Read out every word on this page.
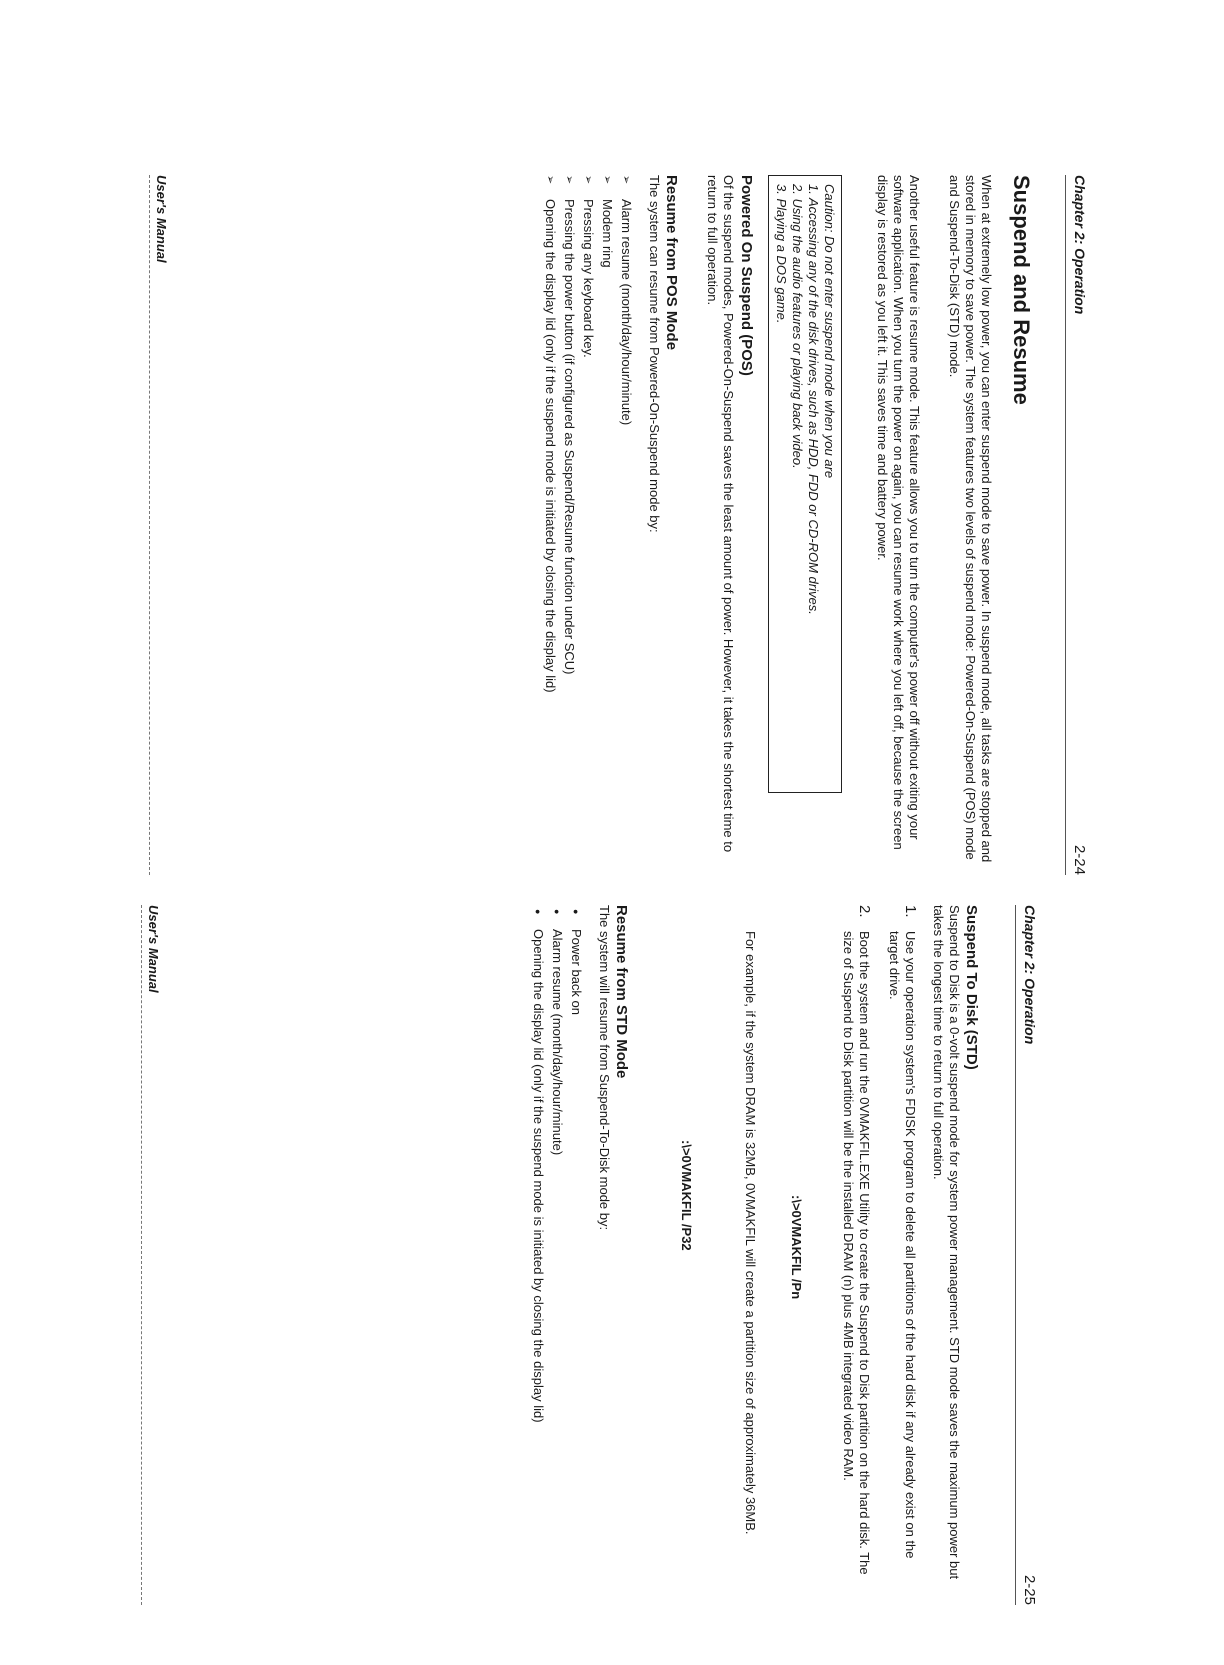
Chapter 2: Operation
2-24
Suspend and Resume
When at extremely low power, you can enter suspend mode to save power. In suspend mode, all tasks are stopped and stored in memory to save power. The system features two levels of suspend mode: Powered-On-Suspend (POS) mode and Suspend-To-Disk (STD) mode.
Another useful feature is resume mode. This feature allows you to turn the computer's power off without exiting your software application. When you turn the power on again, you can resume work where you left off, because the screen display is restored as you left it. This saves time and battery power.
Caution: Do not enter suspend mode when you are
1. Accessing any of the disk drives, such as HDD, FDD or CD-ROM drives.
2. Using the audio features or playing back video.
3. Playing a DOS game.
Powered On Suspend (POS)
Of the suspend modes, Powered-On-Suspend saves the least amount of power. However, it takes the shortest time to return to full operation.
Resume from POS Mode
The system can resume from Powered-On-Suspend mode by:
➢ Alarm resume (month/day/hour/minute)
➢ Modem ring
➢ Pressing any keyboard key.
➢ Pressing the power button (if configured as Suspend/Resume function under SCU)
➢ Opening the display lid (only if the suspend mode is initiated by closing the display lid)
User's Manual
Chapter 2: Operation
2-25
Suspend To Disk (STD)
Suspend to Disk is a 0-volt suspend mode for system power management. STD mode saves the maximum power but takes the longest time to return to full operation.
1.
Use your operation system's FDISK program to delete all partitions of the hard disk if any already exist on the target drive.
2.
Boot the system and run the 0VMAKFIL.EXE Utility to create the Suspend to Disk partition on the hard disk. The size of Suspend to Disk partition will be the installed DRAM (n) plus 4MB integrated video RAM.
:\>0VMAKFIL /Pn
For example, if the system DRAM is 32MB, 0VMAKFIL will create a partition size of approximately 36MB.
:\>0VMAKFIL /P32
Resume from STD Mode
The system will resume from Suspend-To-Disk mode by:
● Power back on
● Alarm resume (month/day/hour/minute)
● Opening the display lid (only if the suspend mode is initiated by closing the display lid)
User's Manual
